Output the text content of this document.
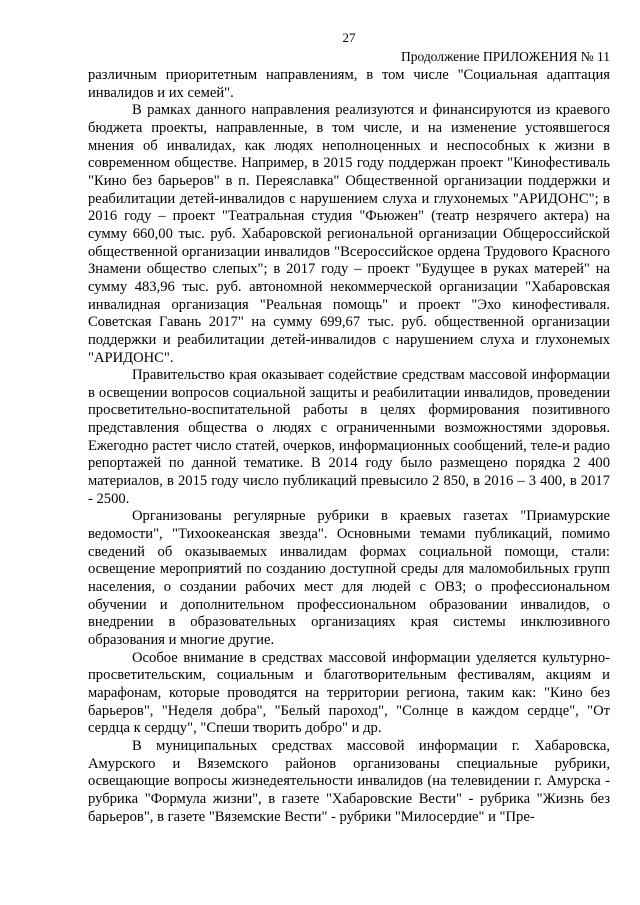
27
Продолжение ПРИЛОЖЕНИЯ № 11

различным приоритетным направлениям, в том числе "Социальная адаптация инвалидов и их семей".

В рамках данного направления реализуются и финансируются из краевого бюджета проекты, направленные, в том числе, и на изменение устоявшегося мнения об инвалидах, как людях неполноценных и неспособных к жизни в современном обществе. Например, в 2015 году поддержан проект "Кинофестиваль "Кино без барьеров" в п. Переяславка" Общественной организации поддержки и реабилитации детей-инвалидов с нарушением слуха и глухонемых "АРИДОНС"; в 2016 году – проект "Театральная студия "Фьюжен" (театр незрячего актера) на сумму 660,00 тыс. руб. Хабаровской региональной организации Общероссийской общественной организации инвалидов "Всероссийское ордена Трудового Красного Знамени общество слепых"; в 2017 году – проект "Будущее в руках матерей" на сумму 483,96 тыс. руб. автономной некоммерческой организации "Хабаровская инвалидная организация "Реальная помощь" и проект "Эхо кинофестиваля. Советская Гавань 2017" на сумму 699,67 тыс. руб. общественной организации поддержки и реабилитации детей-инвалидов с нарушением слуха и глухонемых "АРИДОНС".

Правительство края оказывает содействие средствам массовой информации в освещении вопросов социальной защиты и реабилитации инвалидов, проведении просветительно-воспитательной работы в целях формирования позитивного представления общества о людях с ограниченными возможностями здоровья. Ежегодно растет число статей, очерков, информационных сообщений, теле-и радио репортажей по данной тематике. В 2014 году было размещено порядка 2 400 материалов, в 2015 году число публикаций превысило 2 850, в 2016 – 3 400, в 2017 - 2500.

Организованы регулярные рубрики в краевых газетах "Приамурские ведомости", "Тихоокеанская звезда". Основными темами публикаций, помимо сведений об оказываемых инвалидам формах социальной помощи, стали: освещение мероприятий по созданию доступной среды для маломобильных групп населения, о создании рабочих мест для людей с ОВЗ; о профессиональном обучении и дополнительном профессиональном образовании инвалидов, о внедрении в образовательных организациях края системы инклюзивного образования и многие другие.

Особое внимание в средствах массовой информации уделяется культурно-просветительским, социальным и благотворительным фестивалям, акциям и марафонам, которые проводятся на территории региона, таким как: "Кино без барьеров", "Неделя добра", "Белый пароход", "Солнце в каждом сердце", "От сердца к сердцу", "Спеши творить добро" и др.

В муниципальных средствах массовой информации г. Хабаровска, Амурского и Вяземского районов организованы специальные рубрики, освещающие вопросы жизнедеятельности инвалидов (на телевидении г. Амурска - рубрика "Формула жизни", в газете "Хабаровские Вести" - рубрика "Жизнь без барьеров", в газете "Вяземские Вести" - рубрики "Милосердие" и "Пре-
